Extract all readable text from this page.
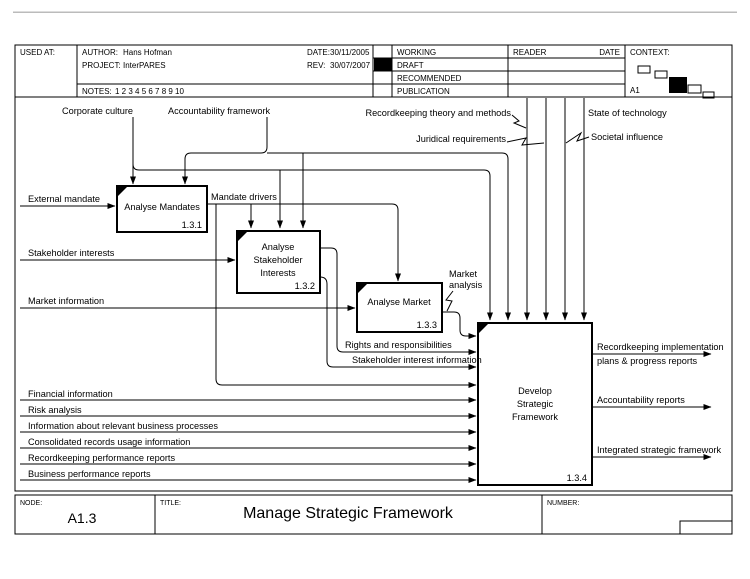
USED AT:	AUTHOR: Hans Hofman
PROJECT: InterPARES
DATE: 30/11/2005
REV: 30/07/2007
NOTES: 1 2 3 4 5 6 7 8 9 10
WORKING
DRAFT
RECOMMENDED
PUBLICATION
READER	DATE CONTEXT:
A1
Analyse Mandates
1.3.1
Analyse
Stakeholder
Interests
1.3.2
Analyse Market
1.3.3
Develop
Strategic
Framework
1.3.4
Corporate culture	Accountability framework	Recordkeeping theory and methods
Juridical requirements
State of technology
Societal influence
External mandate	Mandate drivers
Stakeholder interests
Market information
Market
analysis
Rights and responsibilities
Stakeholder interest information
Financial information
Risk analysis
Information about relevant business processes
Consolidated records usage information
Recordkeeping performance reports
Business performance reports
Recordkeeping implementation
plans & progress reports
Accountability reports
Integrated strategic framework
NODE:
A1.3
TITLE:
Manage Strategic Framework
NUMBER:
